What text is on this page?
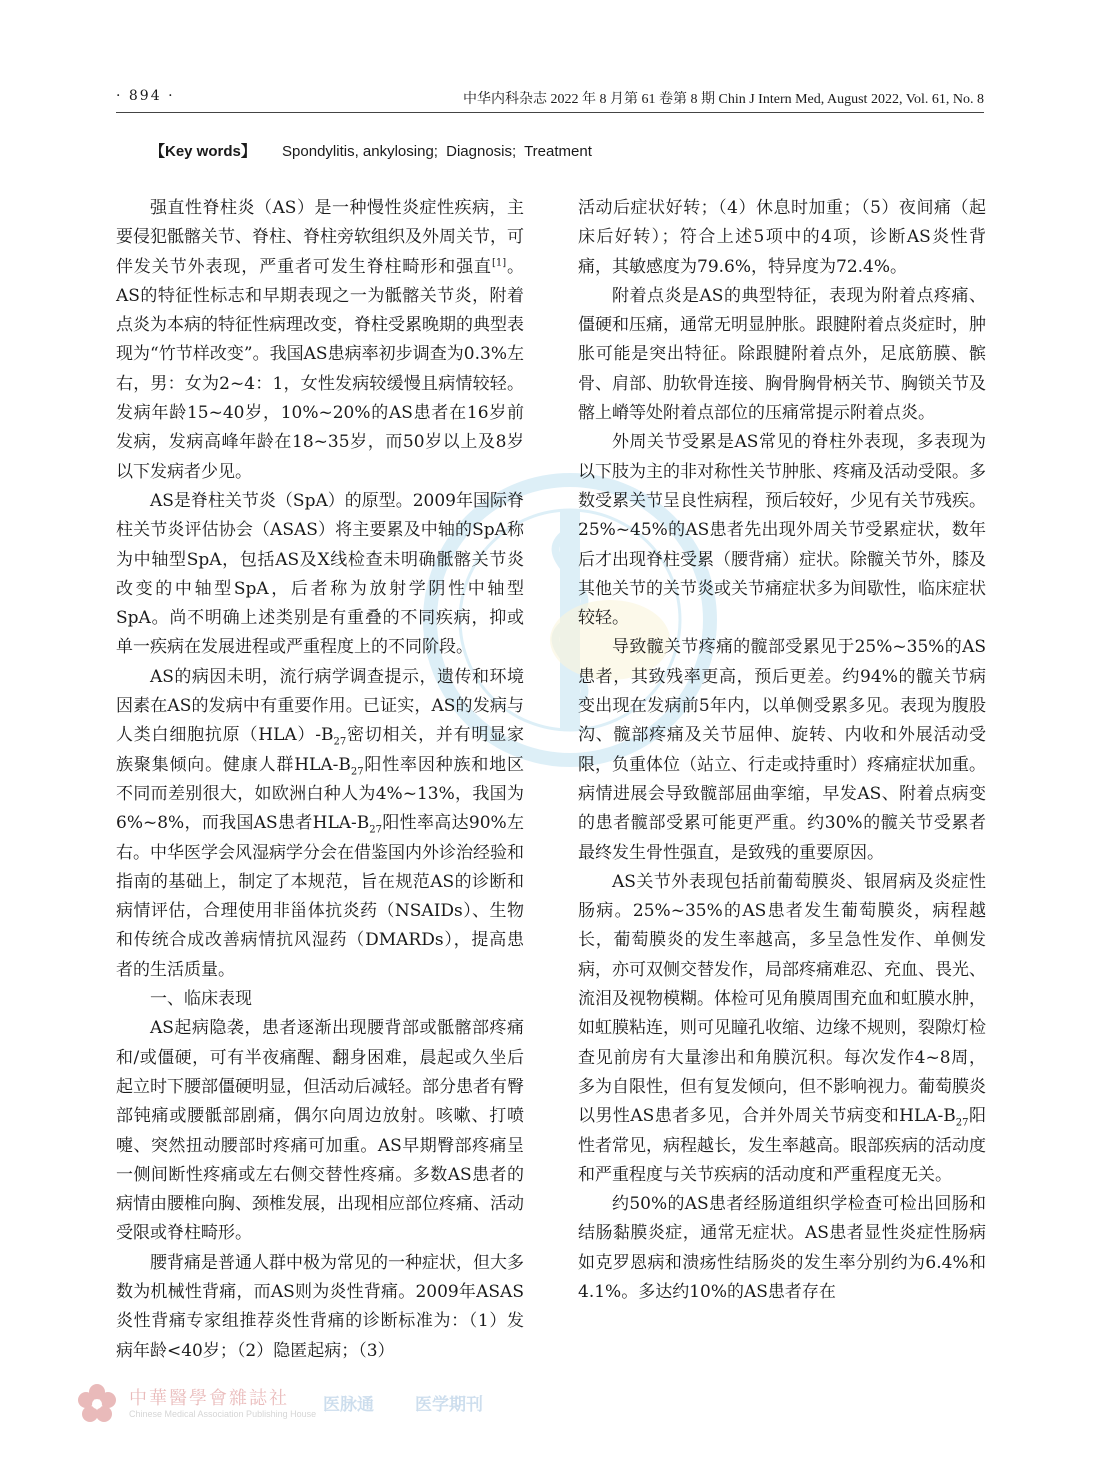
· 894 ·	中华内科杂志 2022 年 8 月第 61 卷第 8 期 Chin J Intern Med, August 2022, Vol. 61, No. 8
【Key words】 Spondylitis, ankylosing; Diagnosis; Treatment

强直性脊柱炎（AS）是一种慢性炎症性疾病，主要侵犯骶髂关节、脊柱、脊柱旁软组织及外周关节，可伴发关节外表现，严重者可发生脊柱畸形和强直[1]。AS的特征性标志和早期表现之一为骶髂关节炎，附着点炎为本病的特征性病理改变，脊柱受累晚期的典型表现为“竹节样改变”。我国AS患病率初步调查为0.3%左右，男：女为2~4：1，女性发病较缓慢且病情较轻。发病年龄15~40岁，10%~20%的AS患者在16岁前发病，发病高峰年龄在18~35岁，而50岁以上及8岁以下发病者少见。

AS是脊柱关节炎（SpA）的原型。2009年国际脊柱关节炎评估协会（ASAS）将主要累及中轴的SpA称为中轴型SpA，包括AS及X线检查未明确骶髂关节炎改变的中轴型SpA，后者称为放射学阴性中轴型SpA。尚不明确上述类别是有重叠的不同疾病，抑或单一疾病在发展进程或严重程度上的不同阶段。

AS的病因未明，流行病学调查提示，遗传和环境因素在AS的发病中有重要作用。已证实，AS的发病与人类白细胞抗原$(HLA)-B_{27}$密切相关，并有明显家族聚集倾向。健康人群HLA-$B_{27}$阳性率因种族和地区不同而差别很大，如欧洲白种人为4%~13%，我国为6%~8%，而我国AS患者HLA-$B_{27}$阳性率高达90%左右。中华医学会风湿病学分会在借鉴国内外诊治经验和指南的基础上，制定了本规范，旨在规范AS的诊断和病情评估，合理使用非甾体抗炎药（NSAIDs）、生物和传统合成改善病情抗风湿药（DMARDs），提高患者的生活质量。

一、临床表现

AS起病隐袭，患者逐渐出现腰背部或骶髂部疼痛和/或僵硬，可有半夜痛醒、翻身困难，晨起或久坐后起立时下腰部僵硬明显，但活动后减轻。部分患者有臀部钝痛或腰骶部剧痛，偶尔向周边放射。咳嗽、打喷嚏、突然扭动腰部时疼痛可加重。AS早期臀部疼痛呈一侧间断性疼痛或左右侧交替性疼痛。多数AS患者的病情由腰椎向胸、颈椎发展，出现相应部位疼痛、活动受限或脊柱畸形。

腰背痛是普通人群中极为常见的一种症状，但大多数为机械性背痛，而AS则为炎性背痛。2009年ASAS炎性背痛专家组推荐炎性背痛的诊断标准为：（1）发病年龄<40岁；（2）隐匿起病；（3）

活动后症状好转；（4）休息时加重；（5）夜间痛（起床后好转）；符合上述5项中的4项，诊断AS炎性背痛，其敏感度为79.6%，特异度为72.4%。

附着点炎是AS的典型特征，表现为附着点疼痛、僵硬和压痛，通常无明显肿胀。跟腱附着点炎症时，肿胀可能是突出特征。除跟腱附着点外，足底筋膜、髌骨、肩部、肋软骨连接、胸骨胸骨柄关节、胸锁关节及髂上嵴等处附着点部位的压痛常提示附着点炎。

外周关节受累是AS常见的脊柱外表现，多表现为以下肢为主的非对称性关节肿胀、疼痛及活动受限。多数受累关节呈良性病程，预后较好，少见有关节残疾。25%~45%的AS患者先出现外周关节受累症状，数年后才出现脊柱受累（腰背痛）症状。除髋关节外，膝及其他关节的关节炎或关节痛症状多为间歇性，临床症状较轻。

导致髋关节疼痛的髋部受累见于25%~35%的AS患者，其致残率更高，预后更差。约94%的髋关节病变出现在发病前5年内，以单侧受累多见。表现为腹股沟、髋部疼痛及关节屈伸、旋转、内收和外展活动受限，负重体位（站立、行走或持重时）疼痛症状加重。病情进展会导致髋部屈曲挛缩，早发AS、附着点病变的患者髋部受累可能更严重。约30%的髋关节受累者最终发生骨性强直，是致残的重要原因。

AS关节外表现包括前葡萄膜炎、银屑病及炎症性肠病。25%~35%的AS患者发生葡萄膜炎，病程越长，葡萄膜炎的发生率越高，多呈急性发作、单侧发病，亦可双侧交替发作，局部疼痛难忍、充血、畏光、流泪及视物模糊。体检可见角膜周围充血和虹膜水肿，如虹膜粘连，则可见瞳孔收缩、边缘不规则，裂隙灯检查见前房有大量渗出和角膜沉积。每次发作4~8周，多为自限性，但有复发倾向，但不影响视力。葡萄膜炎以男性AS患者多见，合并外周关节病变和HLA-$B_{27}$阳性者常见，病程越长，发生率越高。眼部疾病的活动度和严重程度与关节疾病的活动度和严重程度无关。

约50%的AS患者经肠道组织学检查可检出回肠和结肠黏膜炎症，通常无症状。AS患者显性炎症性肠病如克罗恩病和溃疡性结肠炎的发生率分别约为6.4%和4.1%。多达约10%的AS患者存在

中華醫學會雜誌社
Chinese Medical Association Publishing House 医脉通 医学期刊
